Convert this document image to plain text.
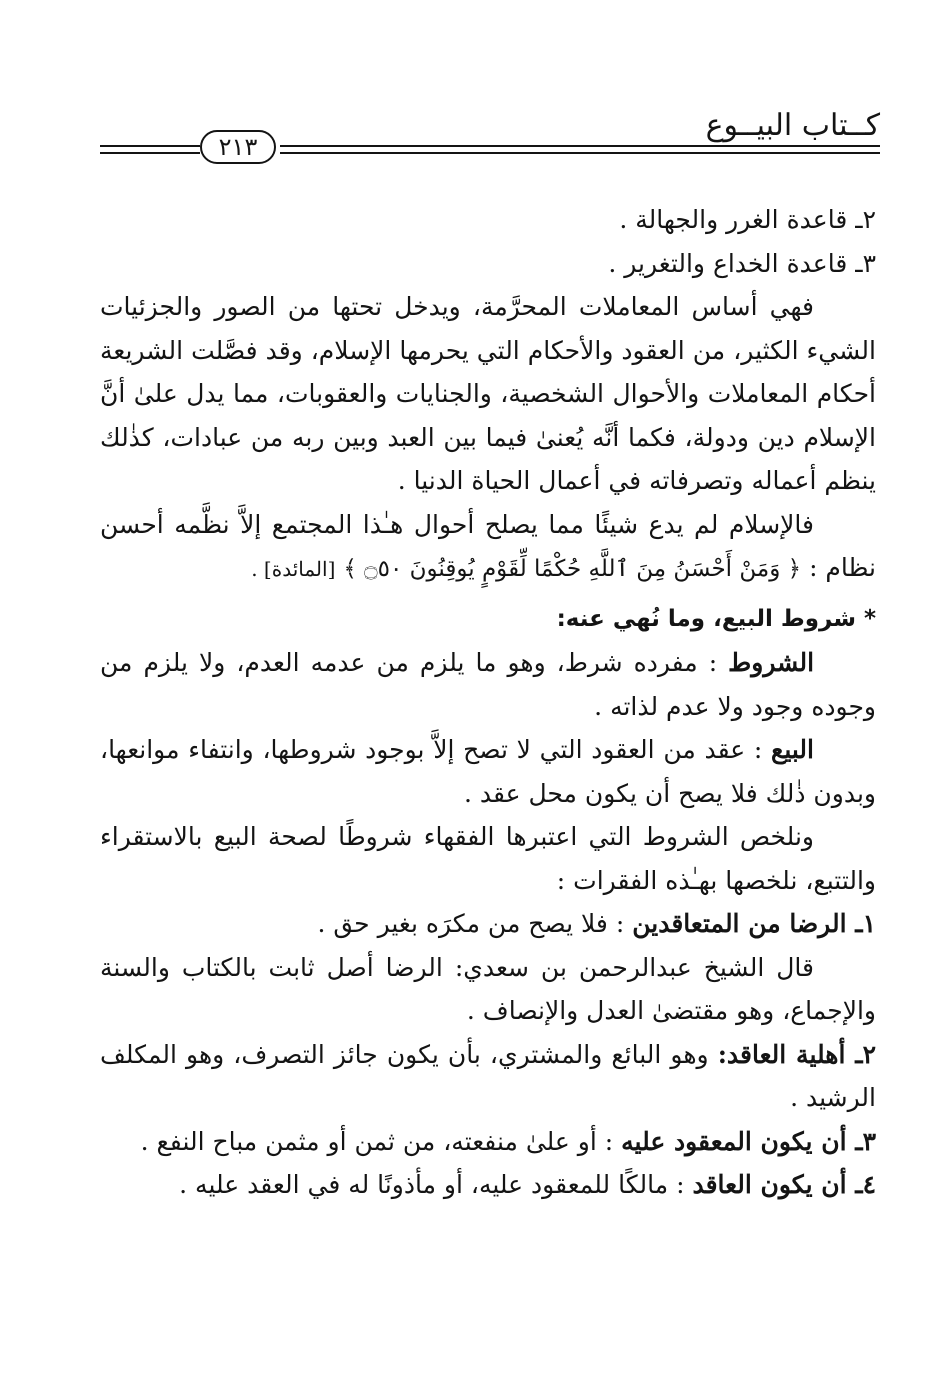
كــتاب البيــوع
٢١٣

٢ـ قاعدة الغرر والجهالة .

٣ـ قاعدة الخداع والتغرير .

فهي أساس المعاملات المحرَّمة، ويدخل تحتها من الصور والجزئيات الشيء الكثير، من العقود والأحكام التي يحرمها الإسلام، وقد فصَّلت الشريعة أحكام المعاملات والأحوال الشخصية، والجنايات والعقوبات، مما يدل علىٰ أنَّ الإسلام دين ودولة، فكما أنَّه يُعنىٰ فيما بين العبد وبين ربه من عبادات، كذٰلك ينظم أعماله وتصرفاته في أعمال الحياة الدنيا .

فالإسلام لم يدع شيئًا مما يصلح أحوال هـٰذا المجتمع إلاَّ نظَّمه أحسن نظام : ﴿ وَمَنْ أَحْسَنُ مِنَ ٱللَّهِ حُكْمًا لِّقَوْمٍ يُوقِنُونَ ۝٥٠ ﴾ [المائدة] .

* شروط البيع، وما نُهي عنه:

الشروط : مفرده شرط، وهو ما يلزم من عدمه العدم، ولا يلزم من وجوده وجود ولا عدم لذاته .

البيع : عقد من العقود التي لا تصح إلاَّ بوجود شروطها، وانتفاء موانعها، وبدون ذٰلك فلا يصح أن يكون محل عقد .

ونلخص الشروط التي اعتبرها الفقهاء شروطًا لصحة البيع بالاستقراء والتتبع، نلخصها بهـٰذه الفقرات :

١ـ الرضا من المتعاقدين : فلا يصح من مكرَه بغير حق .

قال الشيخ عبدالرحمن بن سعدي: الرضا أصل ثابت بالكتاب والسنة والإجماع، وهو مقتضىٰ العدل والإنصاف .

٢ـ أهلية العاقد: وهو البائع والمشتري، بأن يكون جائز التصرف، وهو المكلف الرشيد .

٣ـ أن يكون المعقود عليه : أو علىٰ منفعته، من ثمن أو مثمن مباح النفع .

٤ـ أن يكون العاقد : مالكًا للمعقود عليه، أو مأذونًا له في العقد عليه .
